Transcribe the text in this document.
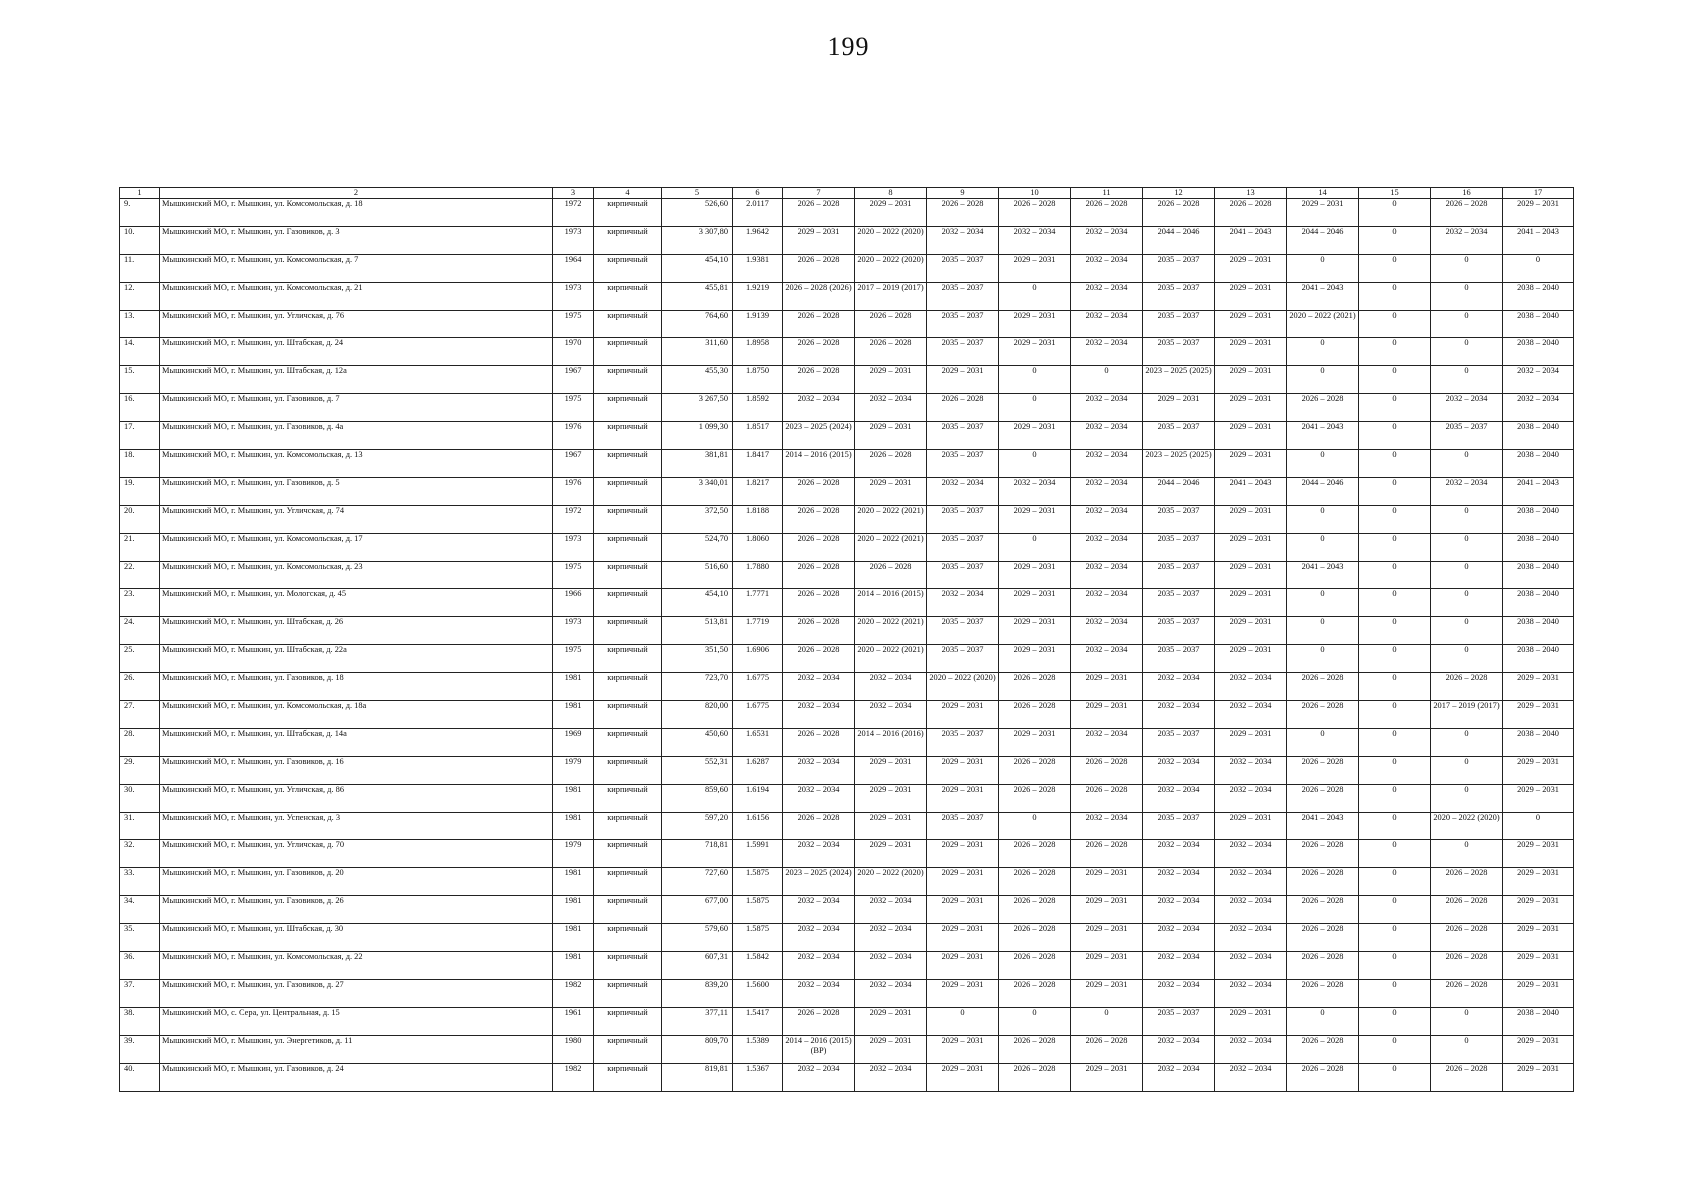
199
1	2	3	4	5	6	7	8	9	10	11	12	13	14	15	16	17
9.	Мышкинский МО, г. Мышкин, ул. Комсомольская, д. 18	1972	кирпичный	526,60	2.0117	2026 – 2028	2029 – 2031	2026 – 2028	2026 – 2028	2026 – 2028	2026 – 2028	2026 – 2028	2029 – 2031	0	2026 – 2028	2029 – 2031
10.	Мышкинский МО, г. Мышкин, ул. Газовиков, д. 3	1973	кирпичный	3 307,80	1.9642	2029 – 2031	2020 – 2022 (2020)	2032 – 2034	2032 – 2034	2032 – 2034	2044 – 2046	2041 – 2043	2044 – 2046	0	2032 – 2034	2041 – 2043
11.	Мышкинский МО, г. Мышкин, ул. Комсомольская, д. 7	1964	кирпичный	454,10	1.9381	2026 – 2028	2020 – 2022 (2020)	2035 – 2037	2029 – 2031	2032 – 2034	2035 – 2037	2029 – 2031	0	0	0	0
12.	Мышкинский МО, г. Мышкин, ул. Комсомольская, д. 21	1973	кирпичный	455,81	1.9219	2026 – 2028 (2026)	2017 – 2019 (2017)	2035 – 2037	0	2032 – 2034	2035 – 2037	2029 – 2031	2041 – 2043	0	0	2038 – 2040
13.	Мышкинский МО, г. Мышкин, ул. Угличская, д. 76	1975	кирпичный	764,60	1.9139	2026 – 2028	2026 – 2028	2035 – 2037	2029 – 2031	2032 – 2034	2035 – 2037	2029 – 2031	2020 – 2022 (2021)	0	0	2038 – 2040
14.	Мышкинский МО, г. Мышкин, ул. Штабская, д. 24	1970	кирпичный	311,60	1.8958	2026 – 2028	2026 – 2028	2035 – 2037	2029 – 2031	2032 – 2034	2035 – 2037	2029 – 2031	0	0	0	2038 – 2040
15.	Мышкинский МО, г. Мышкин, ул. Штабская, д. 12а	1967	кирпичный	455,30	1.8750	2026 – 2028	2029 – 2031	2029 – 2031	0	0	2023 – 2025 (2025)	2029 – 2031	0	0	0	2032 – 2034
16.	Мышкинский МО, г. Мышкин, ул. Газовиков, д. 7	1975	кирпичный	3 267,50	1.8592	2032 – 2034	2032 – 2034	2026 – 2028	0	2032 – 2034	2029 – 2031	2029 – 2031	2026 – 2028	0	2032 – 2034	2032 – 2034
17.	Мышкинский МО, г. Мышкин, ул. Газовиков, д. 4а	1976	кирпичный	1 099,30	1.8517	2023 – 2025 (2024)	2029 – 2031	2035 – 2037	2029 – 2031	2032 – 2034	2035 – 2037	2029 – 2031	2041 – 2043	0	2035 – 2037	2038 – 2040
18.	Мышкинский МО, г. Мышкин, ул. Комсомольская, д. 13	1967	кирпичный	381,81	1.8417	2014 – 2016 (2015)	2026 – 2028	2035 – 2037	0	2032 – 2034	2023 – 2025 (2025)	2029 – 2031	0	0	0	2038 – 2040
19.	Мышкинский МО, г. Мышкин, ул. Газовиков, д. 5	1976	кирпичный	3 340,01	1.8217	2026 – 2028	2029 – 2031	2032 – 2034	2032 – 2034	2032 – 2034	2044 – 2046	2041 – 2043	2044 – 2046	0	2032 – 2034	2041 – 2043
20.	Мышкинский МО, г. Мышкин, ул. Угличская, д. 74	1972	кирпичный	372,50	1.8188	2026 – 2028	2020 – 2022 (2021)	2035 – 2037	2029 – 2031	2032 – 2034	2035 – 2037	2029 – 2031	0	0	0	2038 – 2040
21.	Мышкинский МО, г. Мышкин, ул. Комсомольская, д. 17	1973	кирпичный	524,70	1.8060	2026 – 2028	2020 – 2022 (2021)	2035 – 2037	0	2032 – 2034	2035 – 2037	2029 – 2031	0	0	0	2038 – 2040
22.	Мышкинский МО, г. Мышкин, ул. Комсомольская, д. 23	1975	кирпичный	516,60	1.7880	2026 – 2028	2026 – 2028	2035 – 2037	2029 – 2031	2032 – 2034	2035 – 2037	2029 – 2031	2041 – 2043	0	0	2038 – 2040
23.	Мышкинский МО, г. Мышкин, ул. Мологская, д. 45	1966	кирпичный	454,10	1.7771	2026 – 2028	2014 – 2016 (2015)	2032 – 2034	2029 – 2031	2032 – 2034	2035 – 2037	2029 – 2031	0	0	0	2038 – 2040
24.	Мышкинский МО, г. Мышкин, ул. Штабская, д. 26	1973	кирпичный	513,81	1.7719	2026 – 2028	2020 – 2022 (2021)	2035 – 2037	2029 – 2031	2032 – 2034	2035 – 2037	2029 – 2031	0	0	0	2038 – 2040
25.	Мышкинский МО, г. Мышкин, ул. Штабская, д. 22а	1975	кирпичный	351,50	1.6906	2026 – 2028	2020 – 2022 (2021)	2035 – 2037	2029 – 2031	2032 – 2034	2035 – 2037	2029 – 2031	0	0	0	2038 – 2040
26.	Мышкинский МО, г. Мышкин, ул. Газовиков, д. 18	1981	кирпичный	723,70	1.6775	2032 – 2034	2032 – 2034	2020 – 2022 (2020)	2026 – 2028	2029 – 2031	2032 – 2034	2032 – 2034	2026 – 2028	0	2026 – 2028	2029 – 2031
27.	Мышкинский МО, г. Мышкин, ул. Комсомольская, д. 18а	1981	кирпичный	820,00	1.6775	2032 – 2034	2032 – 2034	2029 – 2031	2026 – 2028	2029 – 2031	2032 – 2034	2032 – 2034	2026 – 2028	0	2017 – 2019 (2017)	2029 – 2031
28.	Мышкинский МО, г. Мышкин, ул. Штабская, д. 14а	1969	кирпичный	450,60	1.6531	2026 – 2028	2014 – 2016 (2016)	2035 – 2037	2029 – 2031	2032 – 2034	2035 – 2037	2029 – 2031	0	0	0	2038 – 2040
29.	Мышкинский МО, г. Мышкин, ул. Газовиков, д. 16	1979	кирпичный	552,31	1.6287	2032 – 2034	2029 – 2031	2029 – 2031	2026 – 2028	2026 – 2028	2032 – 2034	2032 – 2034	2026 – 2028	0	0	2029 – 2031
30.	Мышкинский МО, г. Мышкин, ул. Угличская, д. 86	1981	кирпичный	859,60	1.6194	2032 – 2034	2029 – 2031	2029 – 2031	2026 – 2028	2026 – 2028	2032 – 2034	2032 – 2034	2026 – 2028	0	0	2029 – 2031
31.	Мышкинский МО, г. Мышкин, ул. Успенская, д. 3	1981	кирпичный	597,20	1.6156	2026 – 2028	2029 – 2031	2035 – 2037	0	2032 – 2034	2035 – 2037	2029 – 2031	2041 – 2043	0	2020 – 2022 (2020)	0
32.	Мышкинский МО, г. Мышкин, ул. Угличская, д. 70	1979	кирпичный	718,81	1.5991	2032 – 2034	2029 – 2031	2029 – 2031	2026 – 2028	2026 – 2028	2032 – 2034	2032 – 2034	2026 – 2028	0	0	2029 – 2031
33.	Мышкинский МО, г. Мышкин, ул. Газовиков, д. 20	1981	кирпичный	727,60	1.5875	2023 – 2025 (2024)	2020 – 2022 (2020)	2029 – 2031	2026 – 2028	2029 – 2031	2032 – 2034	2032 – 2034	2026 – 2028	0	2026 – 2028	2029 – 2031
34.	Мышкинский МО, г. Мышкин, ул. Газовиков, д. 26	1981	кирпичный	677,00	1.5875	2032 – 2034	2032 – 2034	2029 – 2031	2026 – 2028	2029 – 2031	2032 – 2034	2032 – 2034	2026 – 2028	0	2026 – 2028	2029 – 2031
35.	Мышкинский МО, г. Мышкин, ул. Штабская, д. 30	1981	кирпичный	579,60	1.5875	2032 – 2034	2032 – 2034	2029 – 2031	2026 – 2028	2029 – 2031	2032 – 2034	2032 – 2034	2026 – 2028	0	2026 – 2028	2029 – 2031
36.	Мышкинский МО, г. Мышкин, ул. Комсомольская, д. 22	1981	кирпичный	607,31	1.5842	2032 – 2034	2032 – 2034	2029 – 2031	2026 – 2028	2029 – 2031	2032 – 2034	2032 – 2034	2026 – 2028	0	2026 – 2028	2029 – 2031
37.	Мышкинский МО, г. Мышкин, ул. Газовиков, д. 27	1982	кирпичный	839,20	1.5600	2032 – 2034	2032 – 2034	2029 – 2031	2026 – 2028	2029 – 2031	2032 – 2034	2032 – 2034	2026 – 2028	0	2026 – 2028	2029 – 2031
38.	Мышкинский МО, с. Сера, ул. Центральная, д. 15	1961	кирпичный	377,11	1.5417	2026 – 2028	2029 – 2031	0	0	0	2035 – 2037	2029 – 2031	0	0	0	2038 – 2040
39.	Мышкинский МО, г. Мышкин, ул. Энергетиков, д. 11	1980	кирпичный	809,70	1.5389	2014 – 2016 (2015) (ВР)	2029 – 2031	2029 – 2031	2026 – 2028	2026 – 2028	2032 – 2034	2032 – 2034	2026 – 2028	0	0	2029 – 2031
40.	Мышкинский МО, г. Мышкин, ул. Газовиков, д. 24	1982	кирпичный	819,81	1.5367	2032 – 2034	2032 – 2034	2029 – 2031	2026 – 2028	2029 – 2031	2032 – 2034	2032 – 2034	2026 – 2028	0	2026 – 2028	2029 – 2031
